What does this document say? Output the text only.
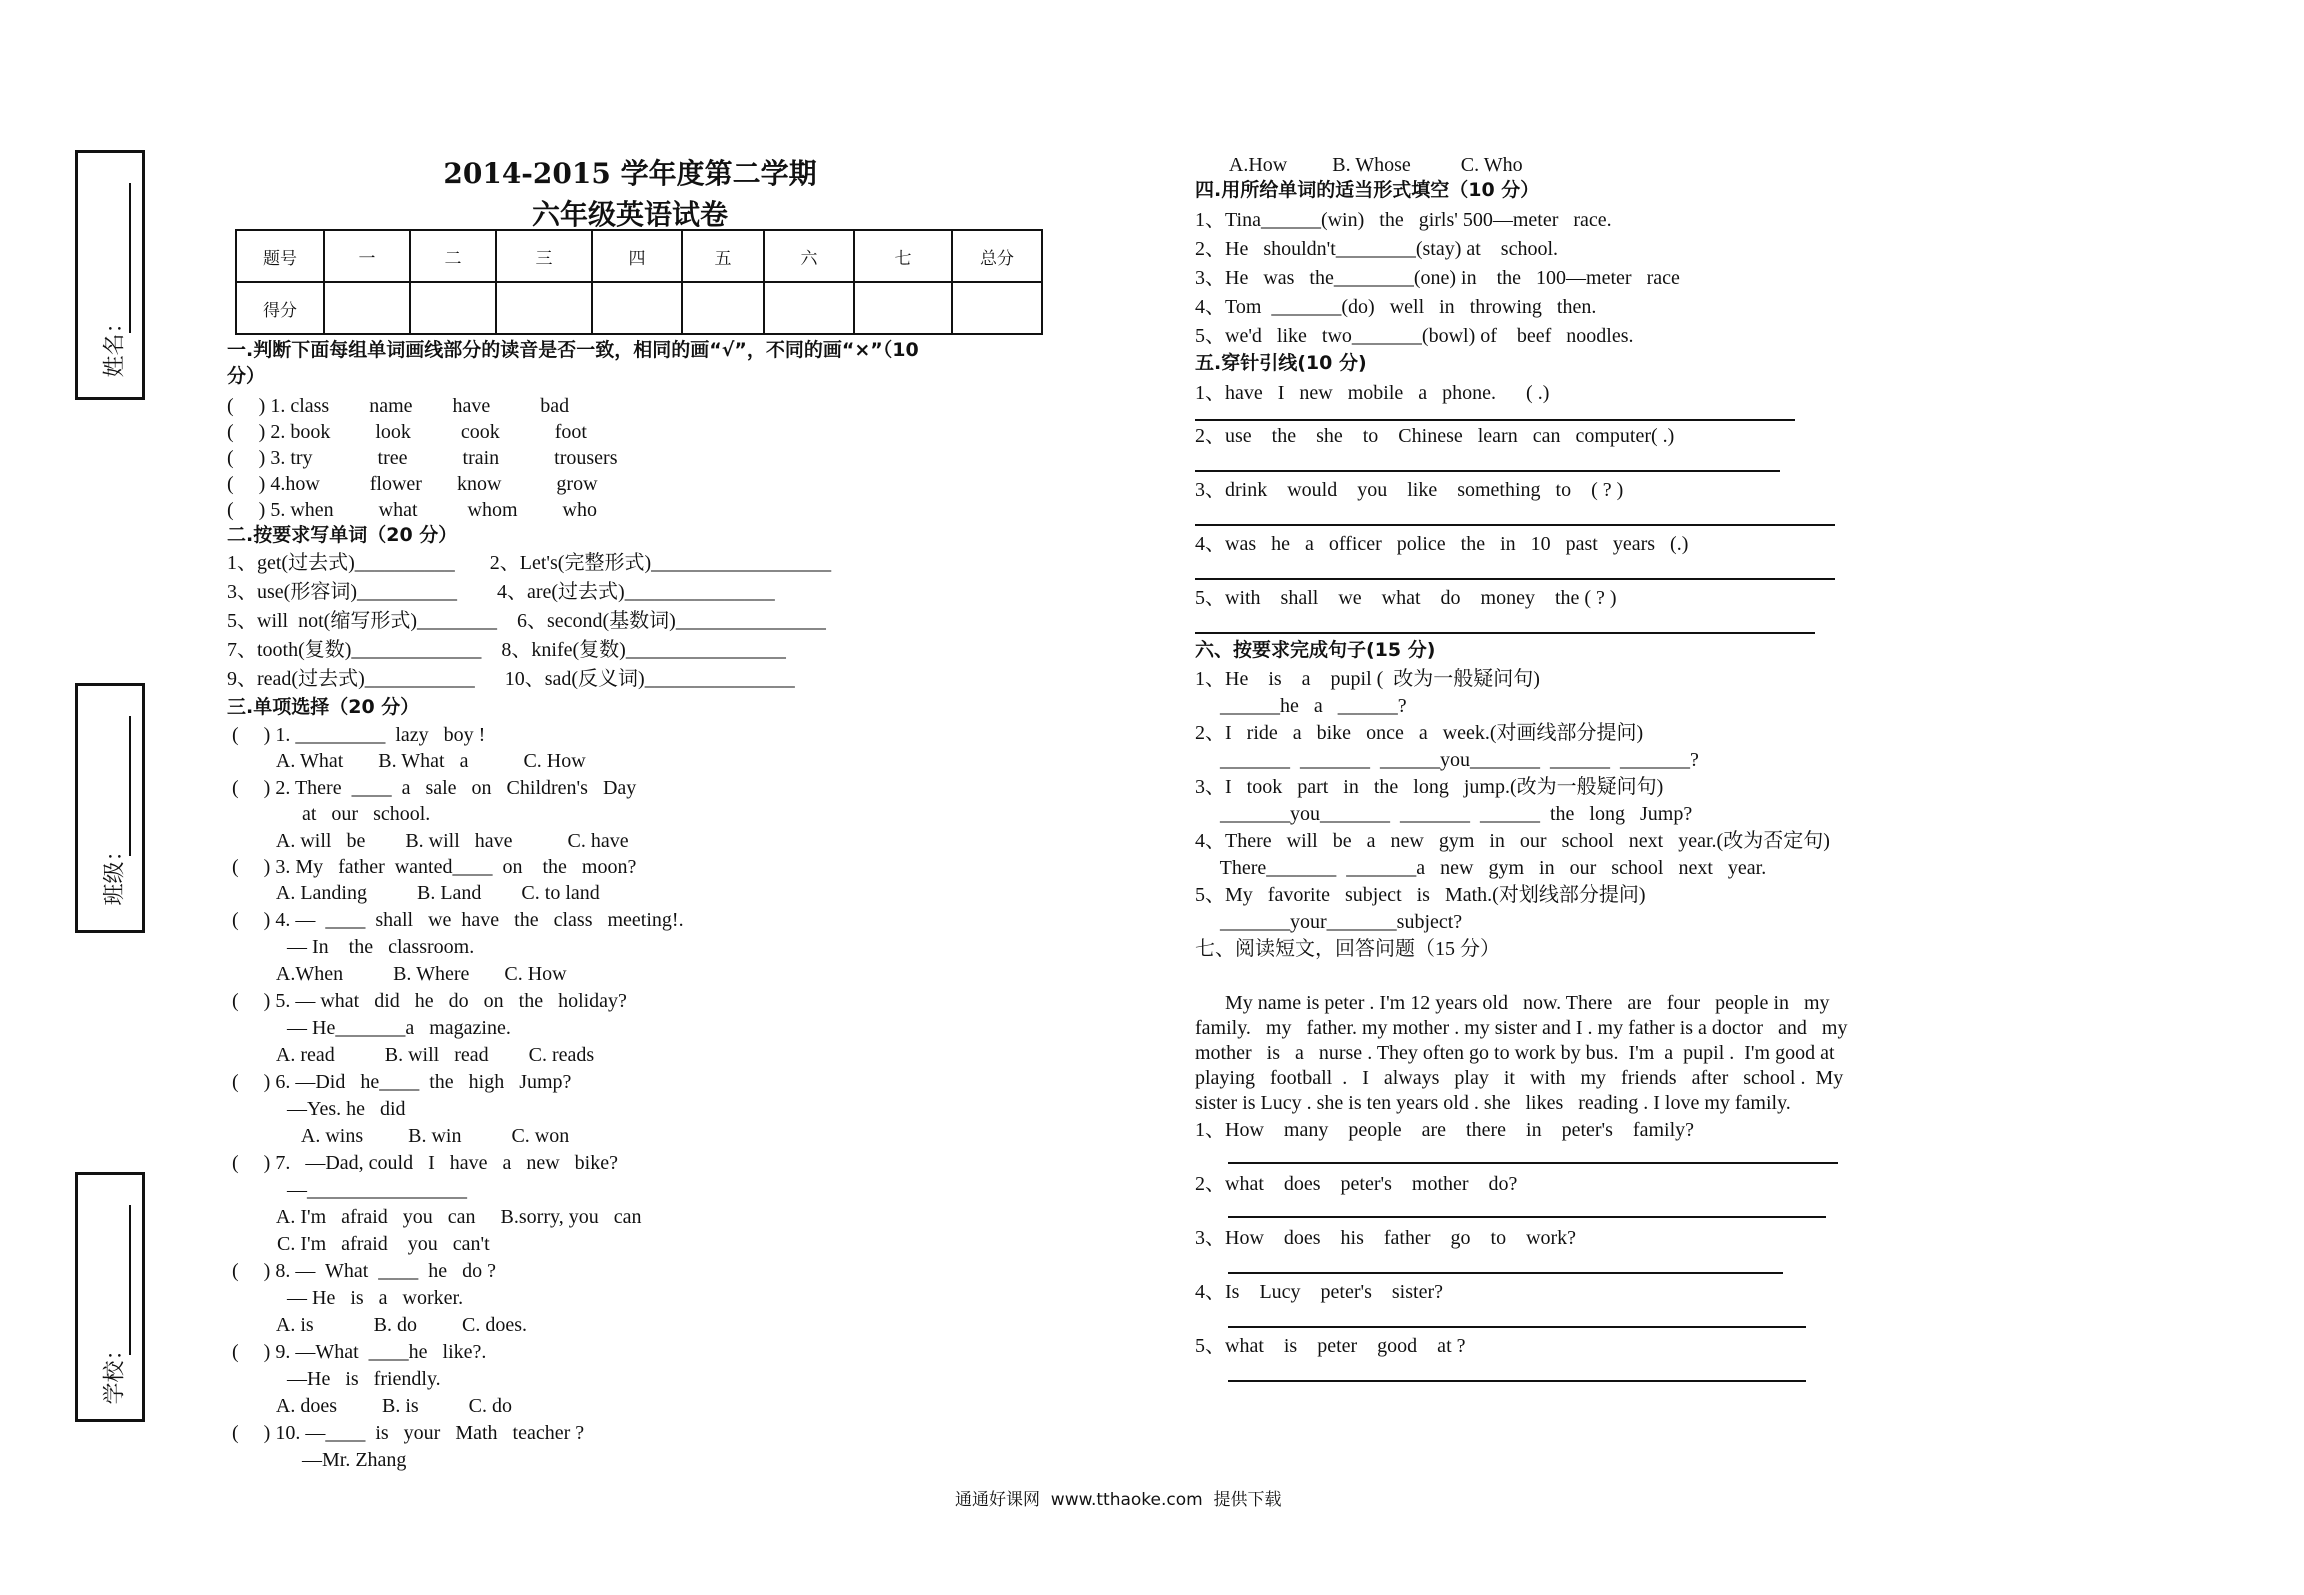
姓名：
班级：
学校：
2014-2015 学年度第二学期
六年级英语试卷
题号	一	二	三	四	五	六	七	总分
得分								
一.判断下面每组单词画线部分的读音是否一致，相同的画“√”，不同的画“×”（10
分）
(     ) 1. class        name        have          bad
(     ) 2. book         look          cook           foot
(     ) 3. try             tree           train           trousers
(     ) 4.how          flower       know           grow
(     ) 5. when         what          whom         who
二.按要求写单词（20 分）
1、get(过去式)__________       2、Let's(完整形式)__________________
3、use(形容词)__________        4、are(过去式)_______________
5、will  not(缩写形式)________    6、second(基数词)_______________
7、tooth(复数)_____________    8、knife(复数)________________
9、read(过去式)___________      10、sad(反义词)_______________
三.单项选择（20 分）
(     ) 1. _________  lazy   boy !
A. What       B. What   a           C. How
(     ) 2. There  ____  a   sale   on   Children's   Day
at   our   school.
A. will   be        B. will   have           C. have
(     ) 3. My   father  wanted____  on    the   moon?
A. Landing          B. Land        C. to land
(     ) 4. —  ____  shall   we  have   the   class   meeting!.
— In    the   classroom.
A.When          B. Where       C. How
(     ) 5. — what   did   he   do   on   the   holiday?
— He_______a   magazine.
A. read          B. will   read        C. reads
(     ) 6. —Did   he____  the   high   Jump?
—Yes. he   did
A. wins         B. win          C. won
(     ) 7.   —Dad, could   I   have   a   new   bike?
—________________
A. I'm   afraid   you   can     B.sorry, you   can
C. I'm   afraid    you   can't
(     ) 8. —  What  ____  he   do ?
— He   is   a   worker.
A. is            B. do         C. does.
(     ) 9. —What  ____he   like?.
—He   is   friendly.
A. does         B. is          C. do
(     ) 10. —____  is   your   Math   teacher ?
—Mr. Zhang
A.How         B. Whose          C. Who
四.用所给单词的适当形式填空（10 分）
1、Tina______(win)   the   girls' 500—meter   race.
2、He   shouldn't________(stay) at    school.
3、He   was   the________(one) in    the   100—meter   race
4、Tom  _______(do)   well   in   throwing   then.
5、we'd   like   two_______(bowl) of    beef   noodles.
五.穿针引线(10 分)
1、have   I   new   mobile   a   phone.      ( .)
2、use    the    she    to    Chinese   learn   can   computer( .)
3、drink    would    you    like    something   to    ( ? )
4、was   he   a   officer   police   the   in   10   past   years   (.)
5、with    shall    we    what    do    money    the ( ? )
六、按要求完成句子(15 分)
1、He    is    a    pupil (  改为一般疑问句)
______he   a   ______?
2、I   ride   a   bike   once   a   week.(对画线部分提问)
_______  _______  ______you_______  ______  _______?
3、I   took   part   in   the   long   jump.(改为一般疑问句)
_______you_______  _______  ______  the   long   Jump?
4、There   will   be   a   new   gym   in   our   school   next   year.(改为否定句)
There_______  _______a   new   gym   in   our   school   next   year.
5、My   favorite   subject   is   Math.(对划线部分提问)
_______your_______subject?
七、阅读短文，回答问题（15 分）
My name is peter . I'm 12 years old   now. There   are   four   people in   my
family.   my   father. my mother . my sister and I . my father is a doctor   and   my
mother   is   a   nurse . They often go to work by bus.  I'm  a  pupil .  I'm good at
playing   football  .   I   always   play   it   with   my   friends   after   school .  My
sister is Lucy . she is ten years old . she   likes   reading . I love my family.
1、How    many    people    are    there    in    peter's    family?
2、what    does    peter's    mother    do?
3、How    does    his    father    go    to    work?
4、Is    Lucy    peter's    sister?
5、what    is    peter    good    at ?
通通好课网  www.tthaoke.com  提供下载
